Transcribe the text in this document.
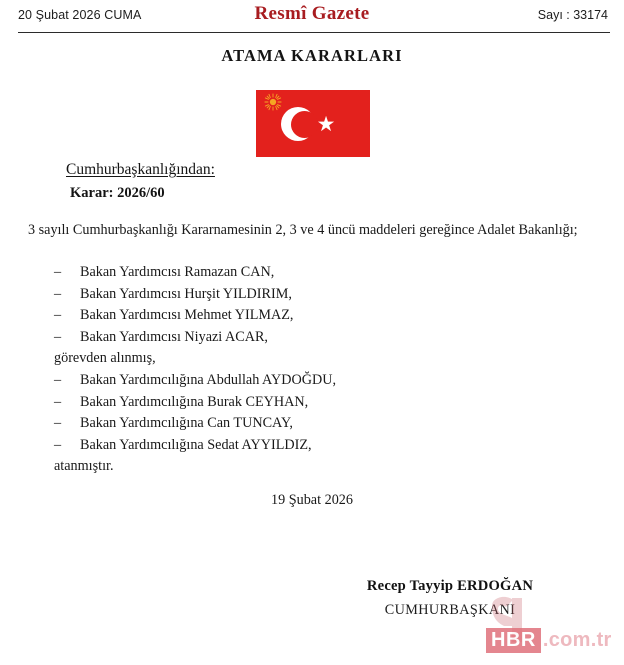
20 Şubat 2026 CUMA	Resmî Gazete	Sayı : 33174
ATAMA KARARLARI
★
Cumhurbaşkanlığından:
Karar: 2026/60
3 sayılı Cumhurbaşkanlığı Kararnamesinin 2, 3 ve 4 üncü maddeleri gereğince Adalet Bakanlığı;
– Bakan Yardımcısı Ramazan CAN,
– Bakan Yardımcısı Hurşit YILDIRIM,
– Bakan Yardımcısı Mehmet YILMAZ,
– Bakan Yardımcısı Niyazi ACAR,
görevden alınmış,
– Bakan Yardımcılığına Abdullah AYDOĞDU,
– Bakan Yardımcılığına Burak CEYHAN,
– Bakan Yardımcılığına Can TUNCAY,
– Bakan Yardımcılığına Sedat AYYILDIZ,
atanmıştır.
19 Şubat 2026
Recep Tayyip ERDOĞAN
CUMHURBAŞKANI
HBR .com.tr
